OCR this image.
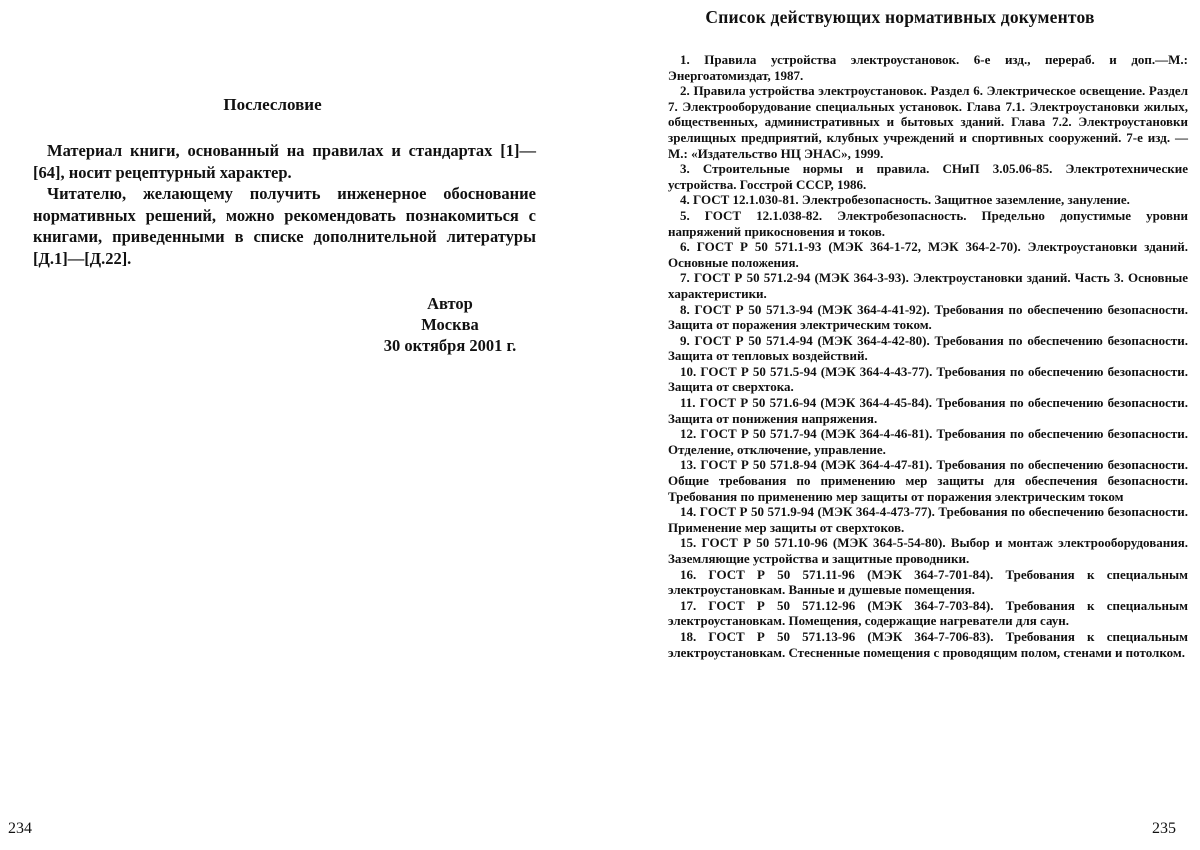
Послесловие

Материал книги, основанный на правилах и стандартах [1]—[64], носит рецептурный характер.

Читателю, желающему получить инженерное обоснование нормативных решений, можно рекомендовать познакомиться с книгами, приведенными в списке дополнительной литературы [Д.1]—[Д.22].

Автор
Москва
30 октября 2001 г.
234
Список действующих нормативных документов

1. Правила устройства электроустановок. 6-е изд., перераб. и доп.—М.: Энергоатомиздат, 1987.

2. Правила устройства электроустановок. Раздел 6. Электрическое освещение. Раздел 7. Электрооборудование специальных установок. Глава 7.1. Электроустановки жилых, общественных, административных и бытовых зданий. Глава 7.2. Электроустановки зрелищных предприятий, клубных учреждений и спортивных сооружений. 7-е изд. — М.: «Издательство НЦ ЭНАС», 1999.

3. Строительные нормы и правила. СНиП 3.05.06-85. Электротехнические устройства. Госстрой СССР, 1986.

4. ГОСТ 12.1.030-81. Электробезопасность. Защитное заземление, зануление.

5. ГОСТ 12.1.038-82. Электробезопасность. Предельно допустимые уровни напряжений прикосновения и токов.

6. ГОСТ Р 50 571.1-93 (МЭК 364-1-72, МЭК 364-2-70). Электроустановки зданий. Основные положения.

7. ГОСТ Р 50 571.2-94 (МЭК 364-3-93). Электроустановки зданий. Часть 3. Основные характеристики.

8. ГОСТ Р 50 571.3-94 (МЭК 364-4-41-92). Требования по обеспечению безопасности. Защита от поражения электрическим током.

9. ГОСТ Р 50 571.4-94 (МЭК 364-4-42-80). Требования по обеспечению безопасности. Защита от тепловых воздействий.

10. ГОСТ Р 50 571.5-94 (МЭК 364-4-43-77). Требования по обеспечению безопасности. Защита от сверхтока.

11. ГОСТ Р 50 571.6-94 (МЭК 364-4-45-84). Требования по обеспечению безопасности. Защита от понижения напряжения.

12. ГОСТ Р 50 571.7-94 (МЭК 364-4-46-81). Требования по обеспечению безопасности. Отделение, отключение, управление.

13. ГОСТ Р 50 571.8-94 (МЭК 364-4-47-81). Требования по обеспечению безопасности. Общие требования по применению мер защиты для обеспечения безопасности. Требования по применению мер защиты от поражения электрическим током

14. ГОСТ Р 50 571.9-94 (МЭК 364-4-473-77). Требования по обеспечению безопасности. Применение мер защиты от сверхтоков.

15. ГОСТ Р 50 571.10-96 (МЭК 364-5-54-80). Выбор и монтаж электрооборудования. Заземляющие устройства и защитные проводники.

16. ГОСТ Р 50 571.11-96 (МЭК 364-7-701-84). Требования к специальным электроустановкам. Ванные и душевые помещения.

17. ГОСТ Р 50 571.12-96 (МЭК 364-7-703-84). Требования к специальным электроустановкам. Помещения, содержащие нагреватели для саун.

18. ГОСТ Р 50 571.13-96 (МЭК 364-7-706-83). Требования к специальным электроустановкам. Стесненные помещения с проводящим полом, стенами и потолком.

235
